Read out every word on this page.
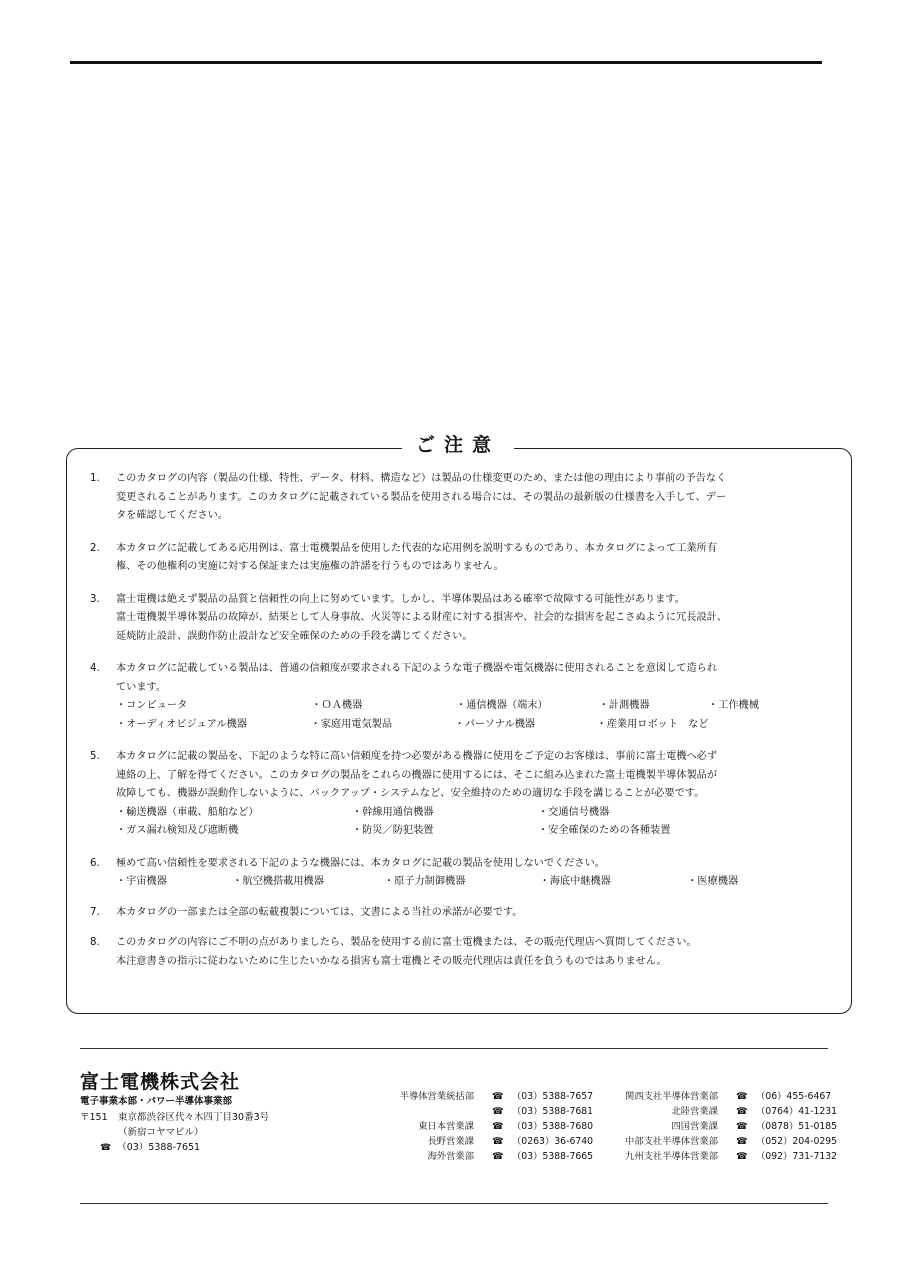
ご注意
1. このカタログの内容（製品の仕様、特性、データ、材料、構造など）は製品の仕様変更のため、または他の理由により事前の予告なく

変更されることがあります。このカタログに記載されている製品を使用される場合には、その製品の最新版の仕様書を入手して、デー

タを確認してください。

2. 本カタログに記載してある応用例は、富士電機製品を使用した代表的な応用例を説明するものであり、本カタログによって工業所有

権、その他権利の実施に対する保証または実施権の許諾を行うものではありません。

3. 富士電機は絶えず製品の品質と信頼性の向上に努めています。しかし、半導体製品はある確率で故障する可能性があります。

富士電機製半導体製品の故障が、結果として人身事故、火災等による財産に対する損害や、社会的な損害を起こさぬように冗長設計、

延焼防止設計、誤動作防止設計など安全確保のための手段を講じてください。

4. 本カタログに記載している製品は、普通の信頼度が要求される下記のような電子機器や電気機器に使用されることを意図して造られ

ています。

・コンピュータ	・ＯＡ機器	・通信機器（端末）	・計測機器	・工作機械
・オーディオビジュアル機器	・家庭用電気製品	・パーソナル機器	・産業用ロボット　など
5. 本カタログに記載の製品を、下記のような特に高い信頼度を持つ必要がある機器に使用をご予定のお客様は、事前に富士電機へ必ず

連絡の上、了解を得てください。このカタログの製品をこれらの機器に使用するには、そこに組み込まれた富士電機製半導体製品が

故障しても、機器が誤動作しないように、バックアップ・システムなど、安全維持のための適切な手段を講じることが必要です。

・輸送機器（車載、船舶など）	・幹線用通信機器	・交通信号機器
・ガス漏れ検知及び遮断機	・防災／防犯装置	・安全確保のための各種装置
6. 極めて高い信頼性を要求される下記のような機器には、本カタログに記載の製品を使用しないでください。

・宇宙機器	・航空機搭載用機器	・原子力制御機器	・海底中継機器	・医療機器
7. 本カタログの一部または全部の転載複製については、文書による当社の承諾が必要です。

8. このカタログの内容にご不明の点がありましたら、製品を使用する前に富士電機または、その販売代理店へ質問してください。

本注意書きの指示に従わないために生じたいかなる損害も富士電機とその販売代理店は責任を負うものではありません。

富士電機株式会社
電子事業本部・パワー半導体事業部
〒151 東京都渋谷区代々木四丁目30番3号
（新宿コヤマビル）
☎ （03）5388-7651
半導体営業統括部	☎ （03）5388-7657
☎ （03）5388-7681
東日本営業課	☎ （03）5388-7680
長野営業課	☎ （0263）36-6740
海外営業部	☎ （03）5388-7665
関西支社半導体営業部	☎ （06）455-6467
北陸営業課	☎ （0764）41-1231
四国営業課	☎ （0878）51-0185
中部支社半導体営業部	☎ （052）204-0295
九州支社半導体営業部	☎ （092）731-7132
